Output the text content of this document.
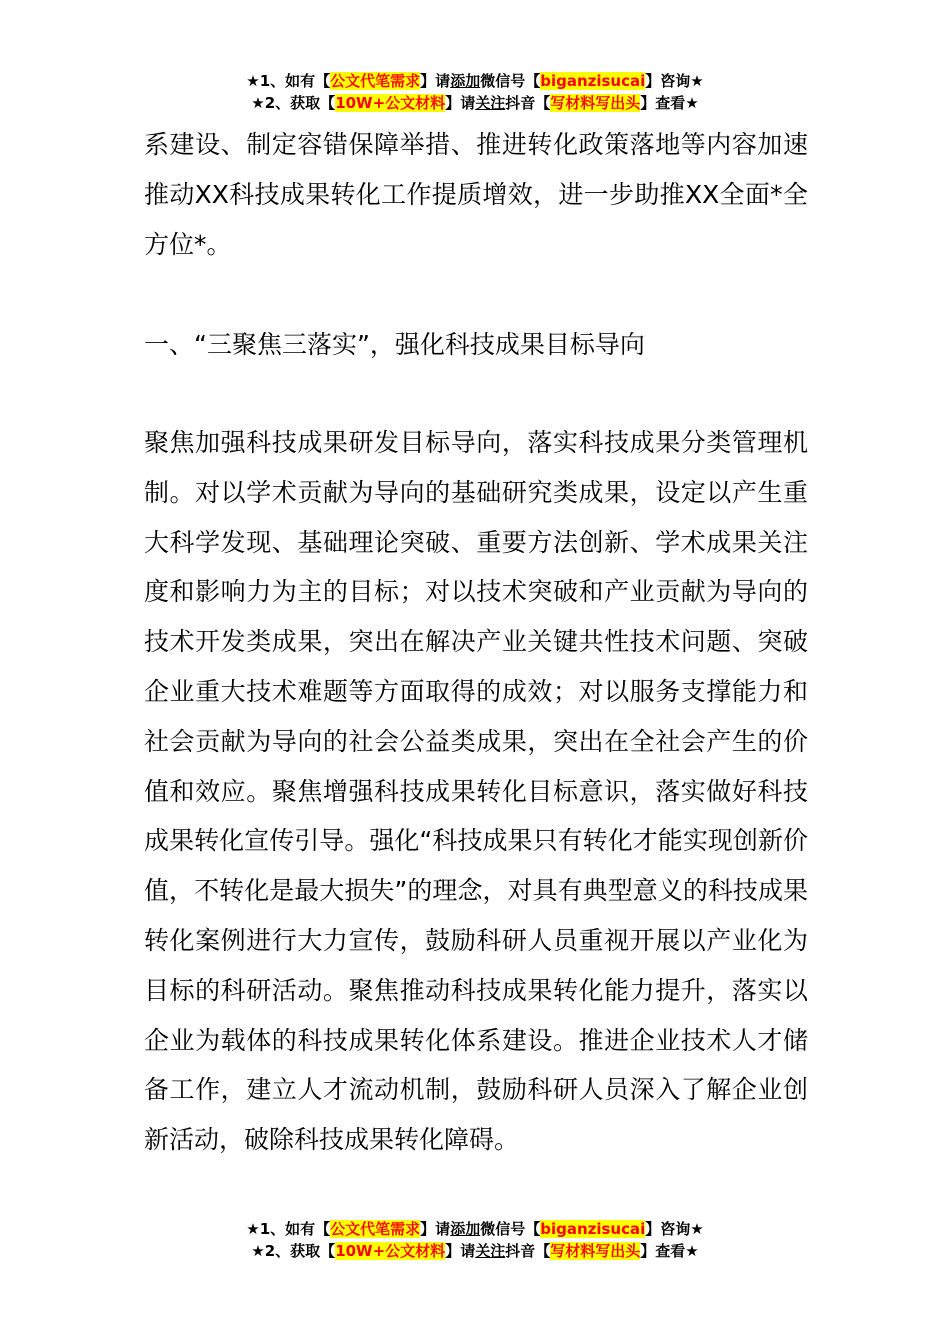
★1、如有【公文代笔需求】请添加微信号【biganzisucai】咨询★
★2、获取【10W+公文材料】请关注抖音【写材料写出头】查看★

系建设、制定容错保障举措、推进转化政策落地等内容加速推动XX科技成果转化工作提质增效，进一步助推XX全面*全方位*。

一、“三聚焦三落实”，强化科技成果目标导向

聚焦加强科技成果研发目标导向，落实科技成果分类管理机制。对以学术贡献为导向的基础研究类成果，设定以产生重大科学发现、基础理论突破、重要方法创新、学术成果关注度和影响力为主的目标；对以技术突破和产业贡献为导向的技术开发类成果，突出在解决产业关键共性技术问题、突破企业重大技术难题等方面取得的成效；对以服务支撑能力和社会贡献为导向的社会公益类成果，突出在全社会产生的价值和效应。聚焦增强科技成果转化目标意识，落实做好科技成果转化宣传引导。强化“科技成果只有转化才能实现创新价值，不转化是最大损失”的理念，对具有典型意义的科技成果转化案例进行大力宣传，鼓励科研人员重视开展以产业化为目标的科研活动。聚焦推动科技成果转化能力提升，落实以企业为载体的科技成果转化体系建设。推进企业技术人才储备工作，建立人才流动机制，鼓励科研人员深入了解企业创新活动，破除科技成果转化障碍。

★1、如有【公文代笔需求】请添加微信号【biganzisucai】咨询★
★2、获取【10W+公文材料】请关注抖音【写材料写出头】查看★
